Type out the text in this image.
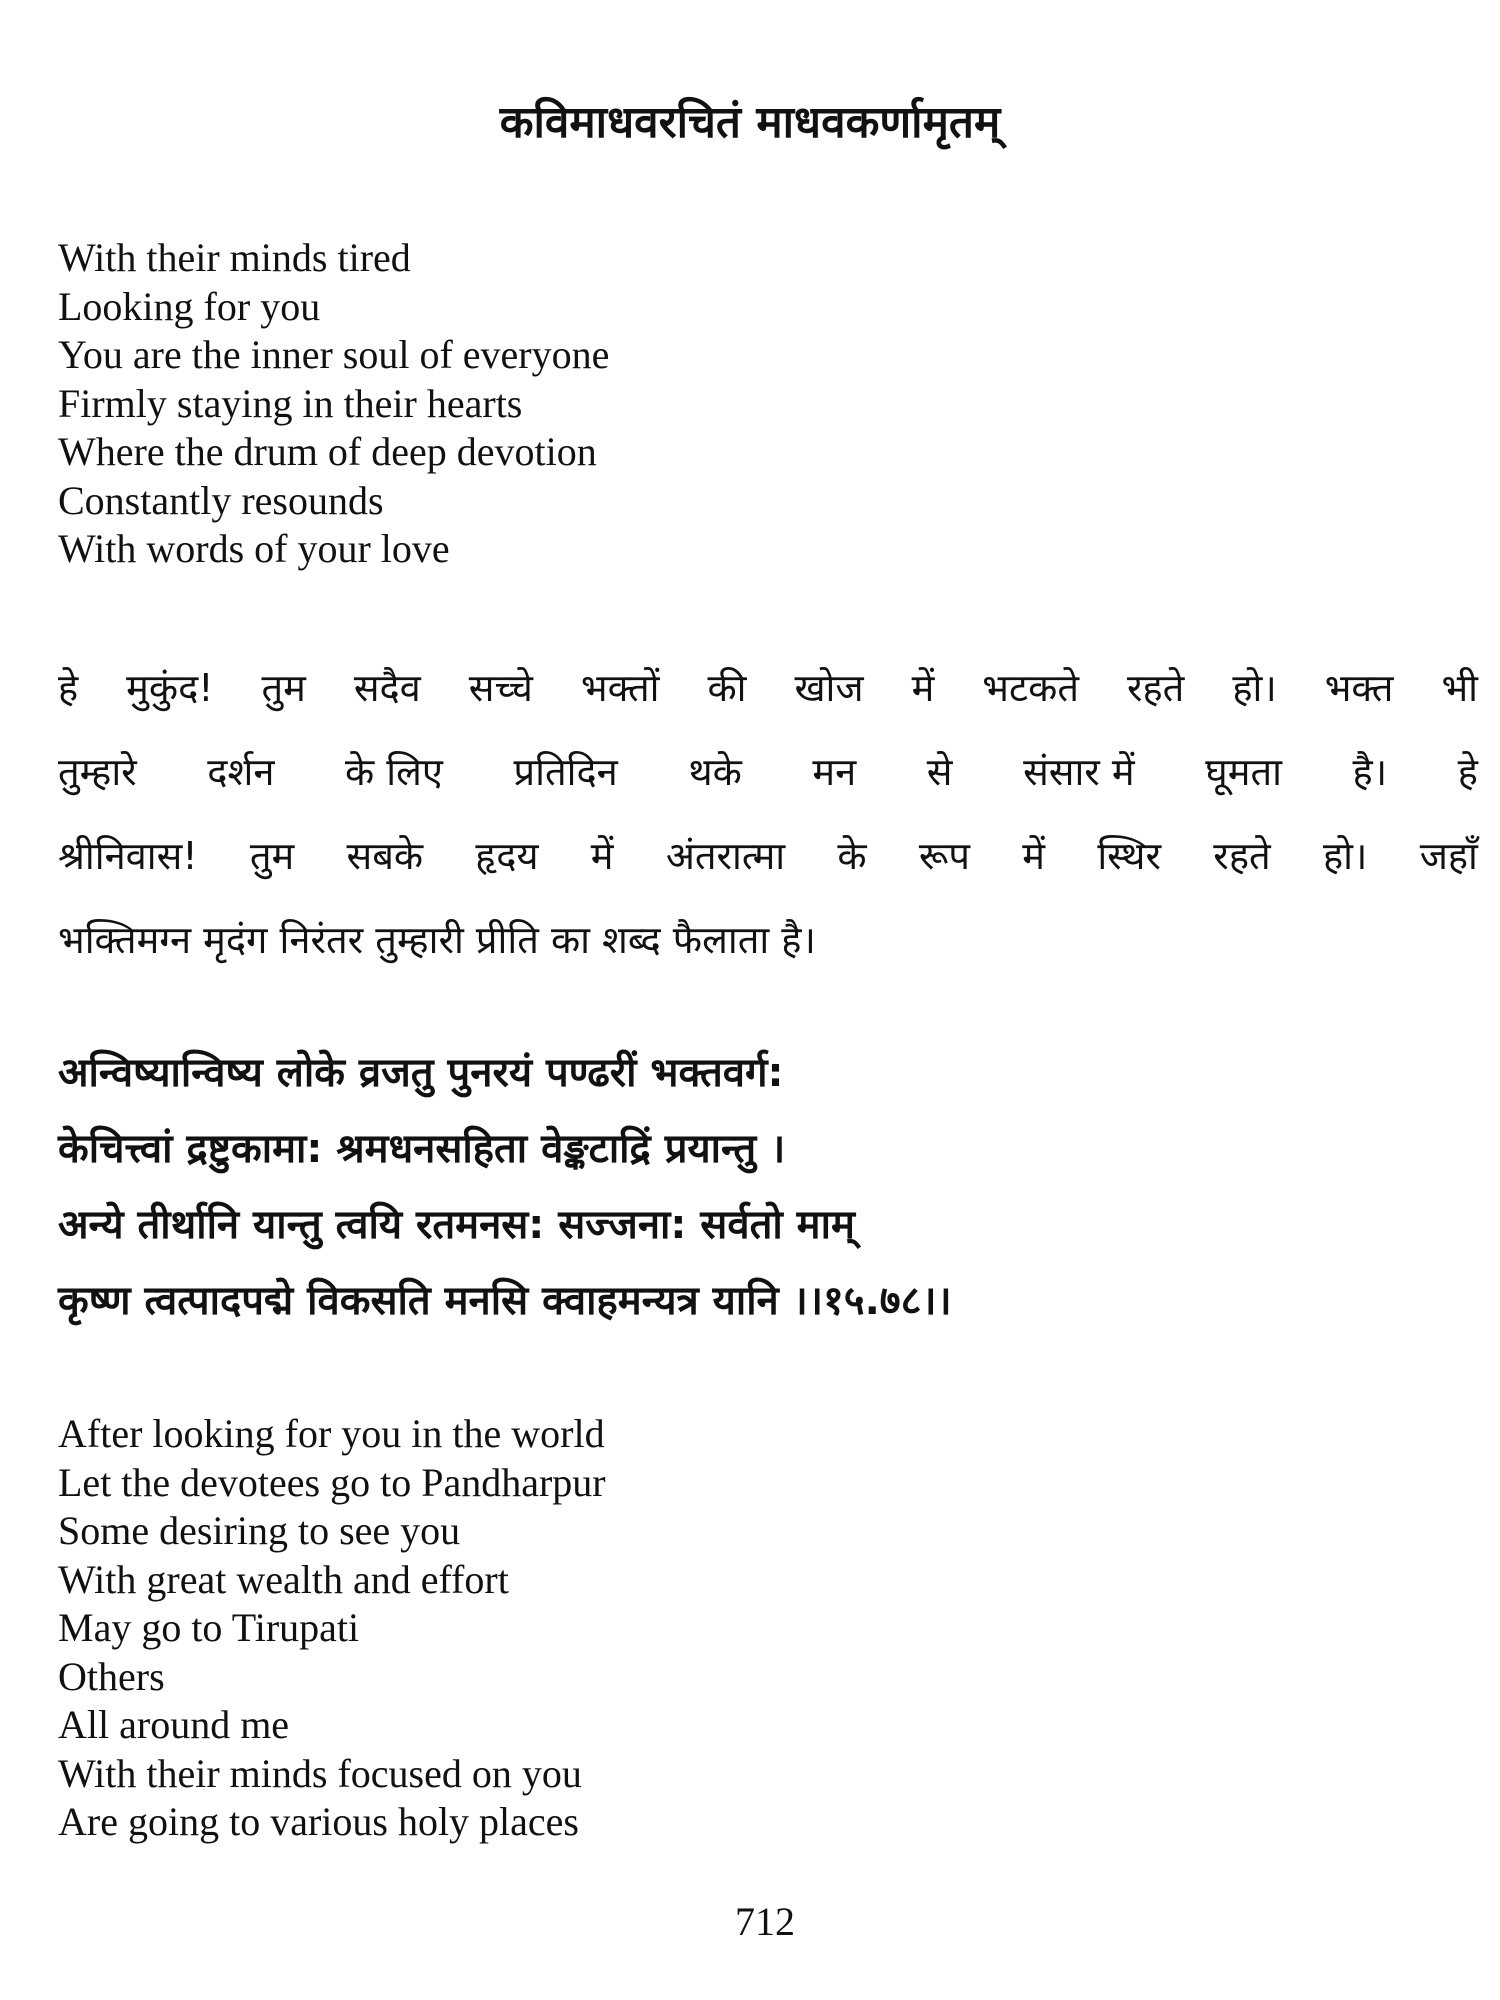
कविमाधवरचितं माधवकर्णामृतम्
With their minds tired
Looking for you
You are the inner soul of everyone
Firmly staying in their hearts
Where the drum of deep devotion
Constantly resounds
With words of your love
हे मुकुंद! तुम सदैव सच्चे भक्तों की खोज में भटकते रहते हो। भक्त भी
तुम्हारे दर्शन के लिए प्रतिदिन थके मन से संसार में घूमता है। हे
श्रीनिवास! तुम सबके हृदय में अंतरात्मा के रूप में स्थिर रहते हो। जहाँ
भक्तिमग्न मृदंग निरंतर तुम्हारी प्रीति का शब्द फैलाता है।
अन्विष्यान्विष्य लोके व्रजतु पुनरयं पण्ढरीं भक्तवर्ग:
केचित्त्वां द्रष्टुकामा: श्रमधनसहिता वेङ्कटाद्रिं प्रयान्तु ।
अन्ये तीर्थानि यान्तु त्वयि रतमनस: सज्जना: सर्वतो माम्
कृष्ण त्वत्पादपद्मे विकसति मनसि क्वाहमन्यत्र यानि ।।१५.७८।।
After looking for you in the world
Let the devotees go to Pandharpur
Some desiring to see you
With great wealth and effort
May go to Tirupati
Others
All around me
With their minds focused on you
Are going to various holy places
712
